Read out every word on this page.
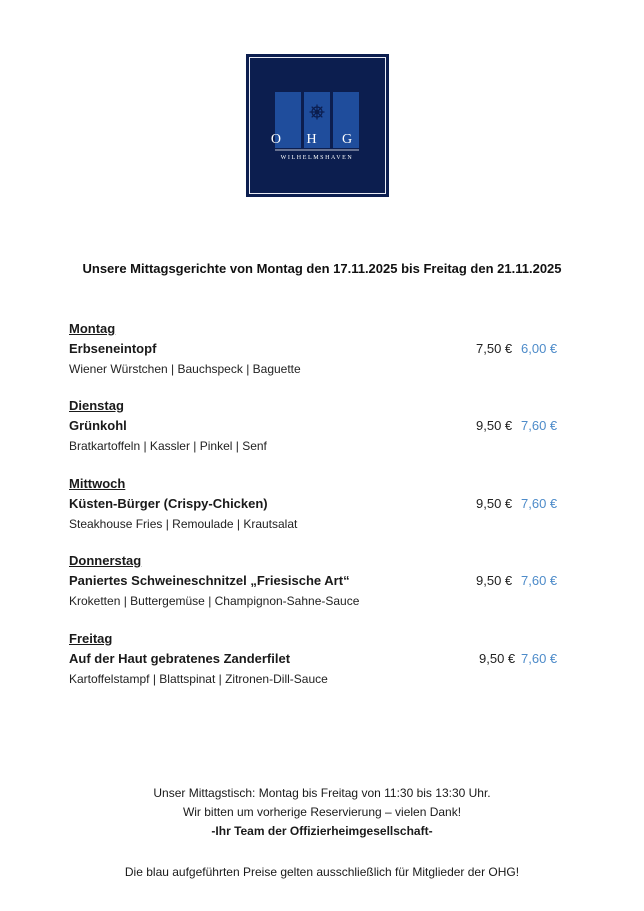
O H G
WILHELMSHAVEN
Unsere Mittagsgerichte von Montag den 17.11.2025 bis Freitag den 21.11.2025
Montag
Erbseneintopf	7,50 € 6,00 €
Wiener Würstchen | Bauchspeck | Baguette
Dienstag
Grünkohl	9,50 € 7,60 €
Bratkartoffeln | Kassler | Pinkel | Senf
Mittwoch
Küsten-Bürger (Crispy-Chicken)	9,50 € 7,60 €
Steakhouse Fries | Remoulade | Krautsalat
Donnerstag
Paniertes Schweineschnitzel „Friesische Art“	9,50 € 7,60 €
Kroketten | Buttergemüse | Champignon-Sahne-Sauce
Freitag
Auf der Haut gebratenes Zanderfilet	9,50 € 7,60 €
Kartoffelstampf | Blattspinat | Zitronen-Dill-Sauce
Unser Mittagstisch: Montag bis Freitag von 11:30 bis 13:30 Uhr.
Wir bitten um vorherige Reservierung – vielen Dank!
-Ihr Team der Offizierheimgesellschaft-
Die blau aufgeführten Preise gelten ausschließlich für Mitglieder der OHG!
